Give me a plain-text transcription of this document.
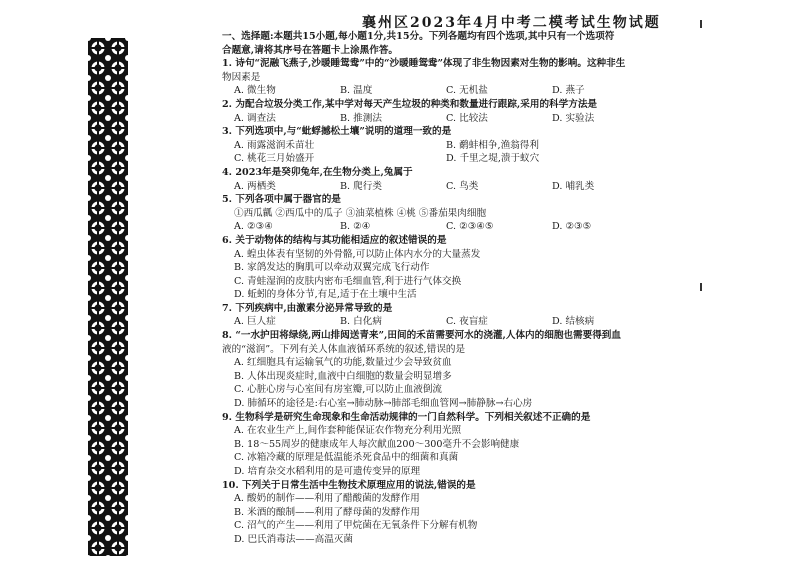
襄州区2023年4月中考二模考试生物试题
一、选择题:本题共15小题,每小题1分,共15分。下列各题均有四个选项,其中只有一个选项符
合题意,请将其序号在答题卡上涂黑作答。
1. 诗句“泥融飞燕子,沙暖睡鸳鸯”中的“沙暖睡鸳鸯”体现了非生物因素对生物的影响。这种非生
物因素是
A. 微生物	B. 温度	C. 无机盐	D. 燕子
2. 为配合垃圾分类工作,某中学对每天产生垃圾的种类和数量进行跟踪,采用的科学方法是
A. 调查法	B. 推测法	C. 比较法	D. 实验法
3. 下列选项中,与“蚍蜉撼松土壤”说明的道理一致的是
A. 雨露滋润禾苗壮	B. 鹬蚌相争,渔翁得利
C. 桃花三月始盛开	D. 千里之堤,溃于蚁穴
4. 2023年是癸卯兔年,在生物分类上,兔属于
A. 两栖类	B. 爬行类	C. 鸟类	D. 哺乳类
5. 下列各项中属于器官的是
①西瓜瓤 ②西瓜中的瓜子 ③油菜植株 ④桃 ⑤番茄果肉细胞
A. ②③④	B. ②④	C. ②③④⑤	D. ②③⑤
6. 关于动物体的结构与其功能相适应的叙述错误的是
A. 蝗虫体表有坚韧的外骨骼,可以防止体内水分的大量蒸发
B. 家鸽发达的胸肌可以牵动双翼完成飞行动作
C. 青蛙湿润的皮肤内密布毛细血管,利于进行气体交换
D. 蚯蚓的身体分节,有足,适于在土壤中生活
7. 下列疾病中,由激素分泌异常导致的是
A. 巨人症	B. 白化病	C. 夜盲症	D. 结核病
8. “一水护田将绿绕,两山排闼送青来”,田间的禾苗需要河水的浇灌,人体内的细胞也需要得到血
液的“滋润”。下列有关人体血液循环系统的叙述,错误的是
A. 红细胞具有运输氧气的功能,数量过少会导致贫血
B. 人体出现炎症时,血液中白细胞的数量会明显增多
C. 心脏心房与心室间有房室瓣,可以防止血液倒流
D. 肺循环的途径是:右心室→肺动脉→肺部毛细血管网→肺静脉→右心房
9. 生物科学是研究生命现象和生命活动规律的一门自然科学。下列相关叙述不正确的是
A. 在农业生产上,间作套种能保证农作物充分利用光照
B. 18～55周岁的健康成年人每次献血200～300毫升不会影响健康
C. 冰箱冷藏的原理是低温能杀死食品中的细菌和真菌
D. 培育杂交水稻利用的是可遗传变异的原理
10. 下列关于日常生活中生物技术原理应用的说法,错误的是
A. 酸奶的制作——利用了醋酸菌的发酵作用
B. 米酒的酿制——利用了酵母菌的发酵作用
C. 沼气的产生——利用了甲烷菌在无氧条件下分解有机物
D. 巴氏消毒法——高温灭菌
